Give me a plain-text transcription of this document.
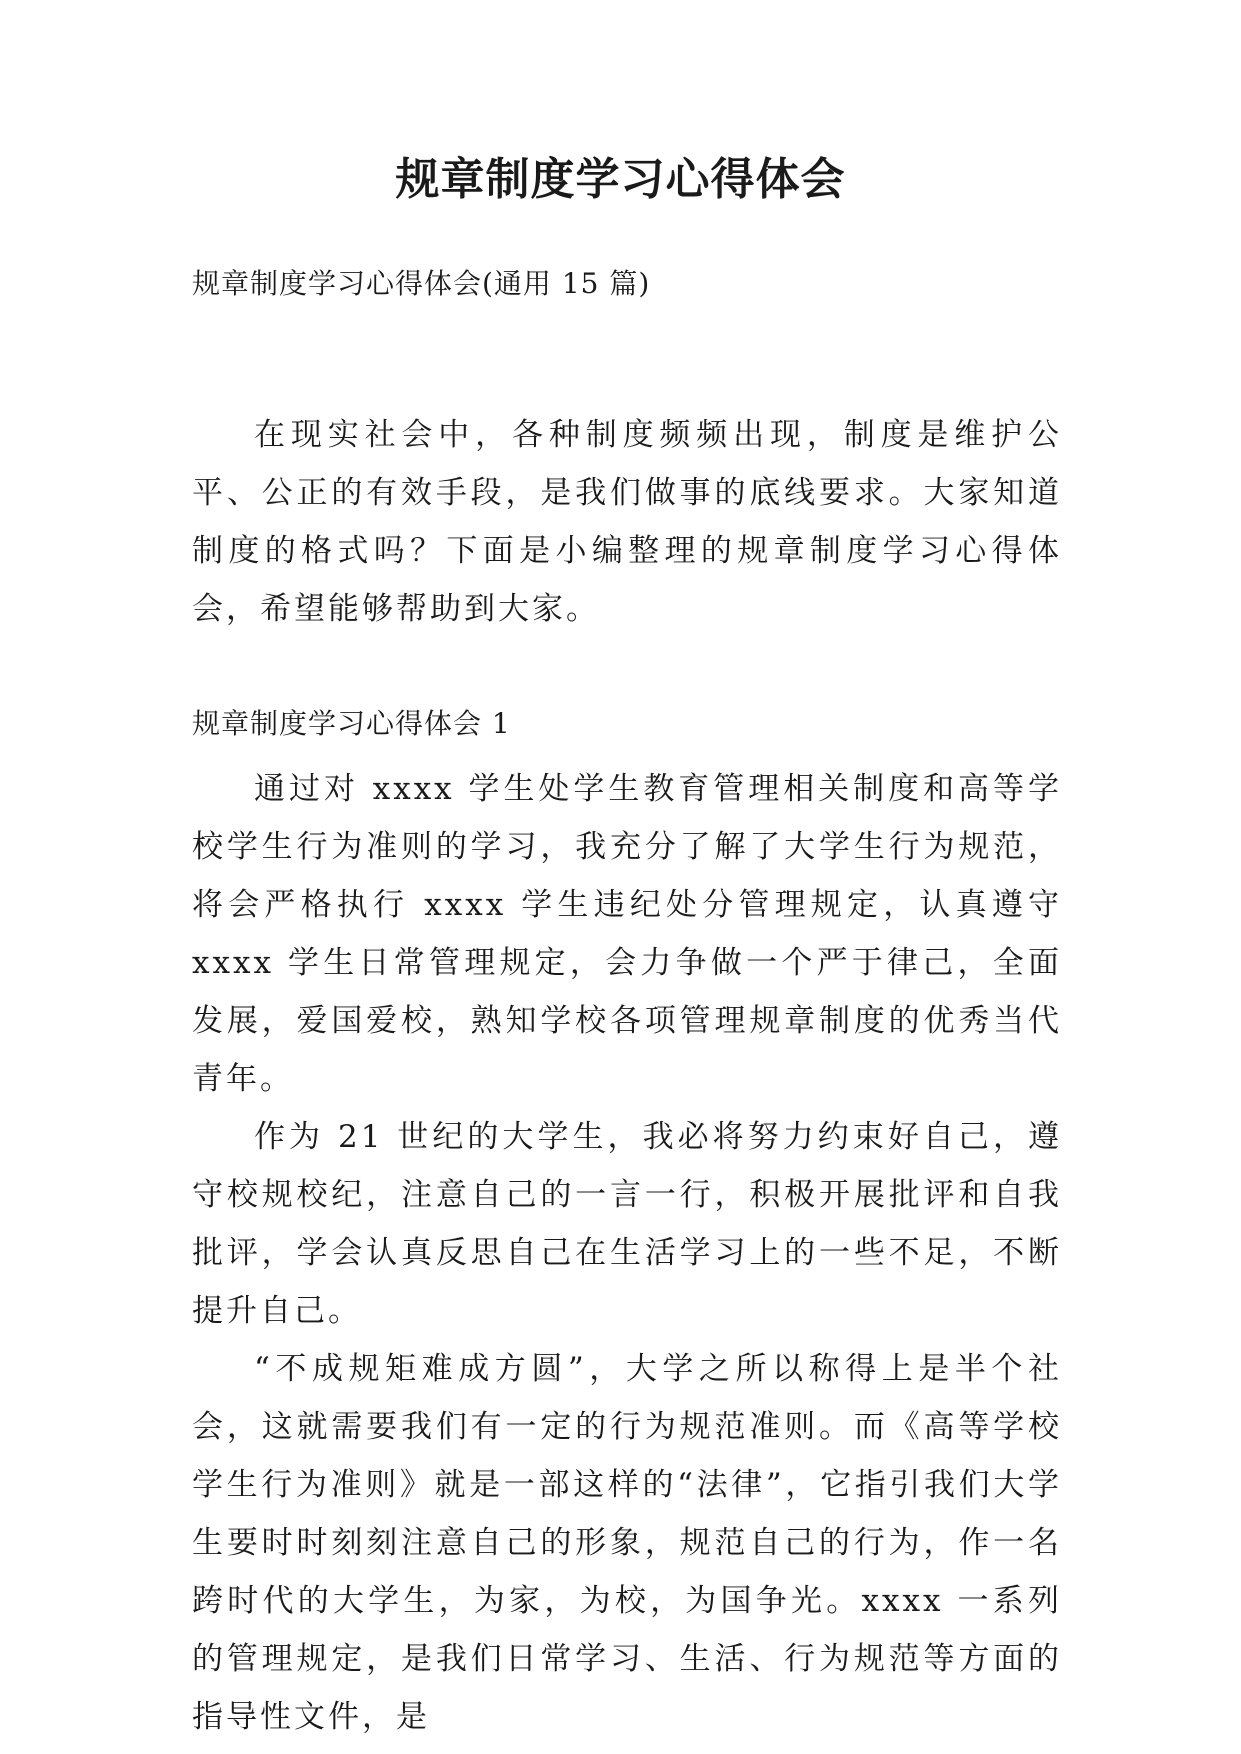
规章制度学习心得体会

规章制度学习心得体会(通用 15 篇)

在现实社会中，各种制度频频出现，制度是维护公平、公正的有效手段，是我们做事的底线要求。大家知道制度的格式吗？下面是小编整理的规章制度学习心得体会，希望能够帮助到大家。

规章制度学习心得体会 1

通过对 xxxx 学生处学生教育管理相关制度和高等学校学生行为准则的学习，我充分了解了大学生行为规范，将会严格执行 xxxx 学生违纪处分管理规定，认真遵守 xxxx 学生日常管理规定，会力争做一个严于律己，全面发展，爱国爱校，熟知学校各项管理规章制度的优秀当代青年。

作为 21 世纪的大学生，我必将努力约束好自己，遵守校规校纪，注意自己的一言一行，积极开展批评和自我批评，学会认真反思自己在生活学习上的一些不足，不断提升自己。

“不成规矩难成方圆”，大学之所以称得上是半个社会，这就需要我们有一定的行为规范准则。而《高等学校学生行为准则》就是一部这样的“法律”，它指引我们大学生要时时刻刻注意自己的形象，规范自己的行为，作一名跨时代的大学生，为家，为校，为国争光。xxxx 一系列的管理规定，是我们日常学习、生活、行为规范等方面的指导性文件，是
